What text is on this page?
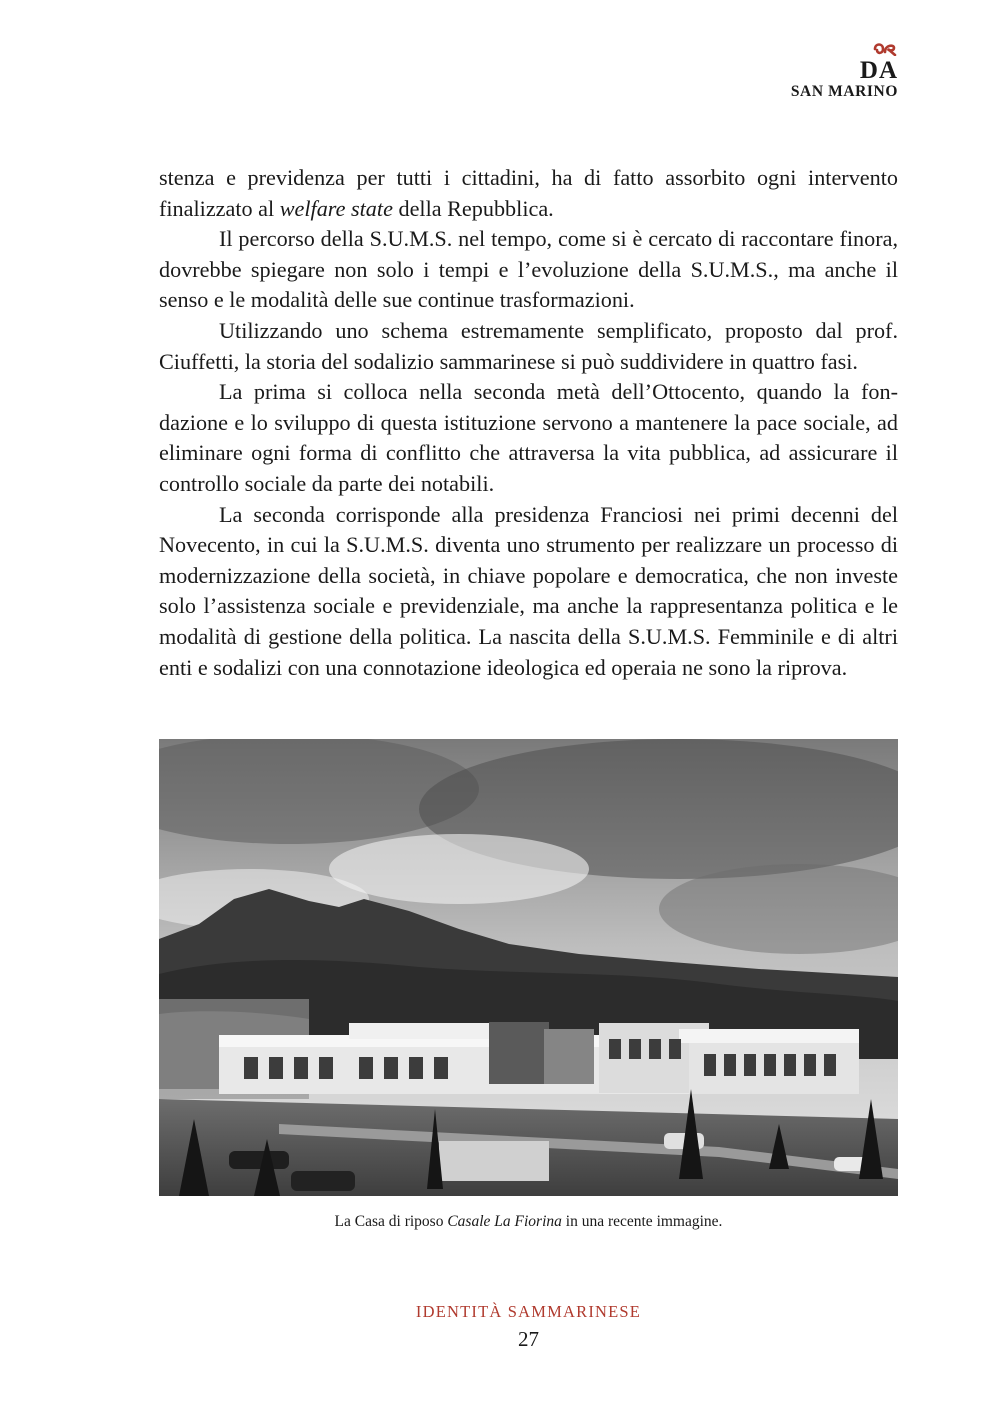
DA
SAN MARINO

stenza e previdenza per tutti i cittadini, ha di fatto assorbito ogni intervento finalizzato al welfare state della Repubblica.

Il percorso della S.U.M.S. nel tempo, come si è cercato di raccontare finora, dovrebbe spiegare non solo i tempi e l’evoluzione della S.U.M.S., ma anche il senso e le modalità delle sue continue trasformazioni.

Utilizzando uno schema estremamente semplificato, proposto dal prof. Ciuffetti, la storia del sodalizio sammarinese si può suddividere in quattro fasi.

La prima si colloca nella seconda metà dell’Ottocento, quando la fondazione e lo sviluppo di questa istituzione servono a mantenere la pace sociale, ad eliminare ogni forma di conflitto che attraversa la vita pubblica, ad assicurare il controllo sociale da parte dei notabili.

La seconda corrisponde alla presidenza Franciosi nei primi decenni del Novecento, in cui la S.U.M.S. diventa uno strumento per realizzare un processo di modernizzazione della società, in chiave popolare e democratica, che non investe solo l’assistenza sociale e previdenziale, ma anche la rappresentanza politica e le modalità di gestione della politica. La nascita della S.U.M.S. Femminile e di altri enti e sodalizi con una connotazione ideologica ed operaia ne sono la riprova.

La Casa di riposo Casale La Fiorina in una recente immagine.
IDENTITÀ SAMMARINESE
27
